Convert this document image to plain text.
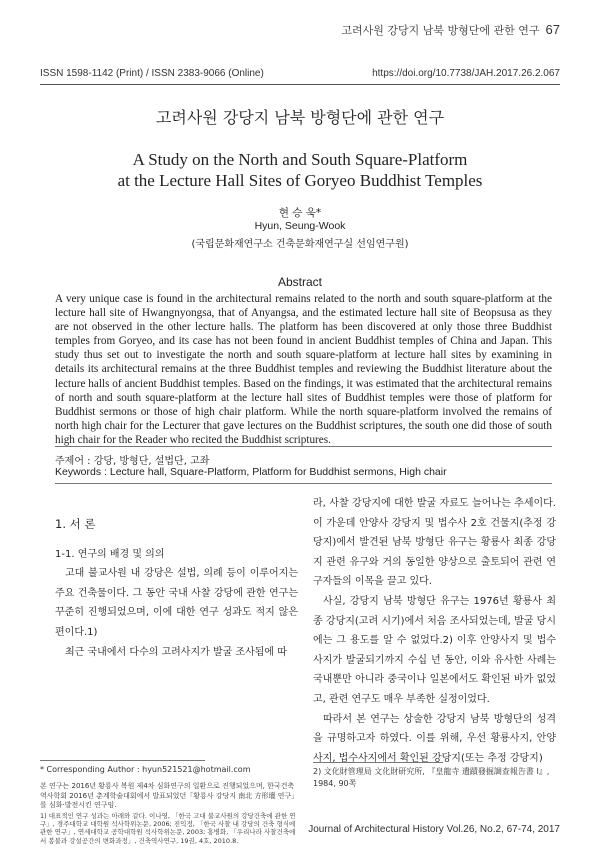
고려사원 강당지 남북 방형단에 관한 연구 67
ISSN 1598-1142 (Print) / ISSN 2383-9066 (Online)	https://doi.org/10.7738/JAH.2017.26.2.067
고려사원 강당지 남북 방형단에 관한 연구
A Study on the North and South Square-Platform
at the Lecture Hall Sites of Goryeo Buddhist Temples
현 승 욱*
Hyun, Seung-Wook
(국립문화재연구소 건축문화재연구실 선임연구원)
Abstract
A very unique case is found in the architectural remains related to the north and south square-platform at the lecture hall site of Hwangnyongsa, that of Anyangsa, and the estimated lecture hall site of Beopsusa as they are not observed in the other lecture halls. The platform has been discovered at only those three Buddhist temples from Goryeo, and its case has not been found in ancient Buddhist temples of China and Japan. This study thus set out to investigate the north and south square-platform at lecture hall sites by examining in details its architectural remains at the three Buddhist temples and reviewing the Buddhist literature about the lecture halls of ancient Buddhist temples. Based on the findings, it was estimated that the architectural remains of north and south square-platform at the lecture hall sites of Buddhist temples were those of platform for Buddhist sermons or those of high chair platform. While the north square-platform involved the remains of north high chair for the Lecturer that gave lectures on the Buddhist scriptures, the south one did those of south high chair for the Reader who recited the Buddhist scriptures.
주제어 : 강당, 방형단, 설법단, 고좌
Keywords : Lecture hall, Square-Platform, Platform for Buddhist sermons, High chair

1. 서 론

1-1. 연구의 배경 및 의의

고대 불교사원 내 강당은 설법, 의례 등이 이루어지는 주요 건축물이다. 그 동안 국내 사찰 강당에 관한 연구는 꾸준히 진행되었으며, 이에 대한 연구 성과도 적지 않은 편이다.1)

최근 국내에서 다수의 고려사지가 발굴 조사됨에 따

라, 사찰 강당지에 대한 발굴 자료도 늘어나는 추세이다. 이 가운데 안양사 강당지 및 법수사 2호 건물지(추정 강당지)에서 발견된 남북 방형단 유구는 황룡사 최종 강당지 관련 유구와 거의 동일한 양상으로 출토되어 관련 연구자들의 이목을 끌고 있다.

사실, 강당지 남북 방형단 유구는 1976년 황룡사 최종 강당지(고려 시기)에서 처음 조사되었는데, 발굴 당시에는 그 용도를 알 수 없었다.2) 이후 안양사지 및 법수사지가 발굴되기까지 수십 년 동안, 이와 유사한 사례는 국내뿐만 아니라 중국이나 일본에서도 확인된 바가 없었고, 관련 연구도 매우 부족한 실정이었다.

따라서 본 연구는 상술한 강당지 남북 방형단의 성격을 규명하고자 하였다. 이를 위해, 우선 황룡사지, 안양사지, 법수사지에서 확인된 강당지(또는 추정 강당지)

* Corresponding Author : hyun521521@hotmail.com	2) 文化財管理局 文化財研究所, 『皇龍寺 遺蹟發掘調查報告書 I』, 1984, 90쪽

본 연구는 2016년 황룡사 복원 제4차 심화연구의 일환으로 진행되었으며, 한국건축역사학회 2016년 춘계학술대회에서 발표되었던「황룡사 강당지 南北 方形壇 연구」를 심화·발전시킨 연구임.
1) 대표적인 연구 성과는 아래와 같다. 이나영, 「한국 고대 불교사원의 강당건축에 관한 연구」, 경주대학교 대학원 석사학위논문, 2006; 진익정, 「한국 사찰 내 강당의 건축 형식에 관한 연구」, 연세대학교 공학대학원 석사학위논문, 2003; 홍병화, 「우리나라 사찰건축에서 봉불과 강설공간의 변화과정」, 건축역사연구, 19권, 4호, 2010.8.
Journal of Architectural History Vol.26, No.2, 67-74, 2017
